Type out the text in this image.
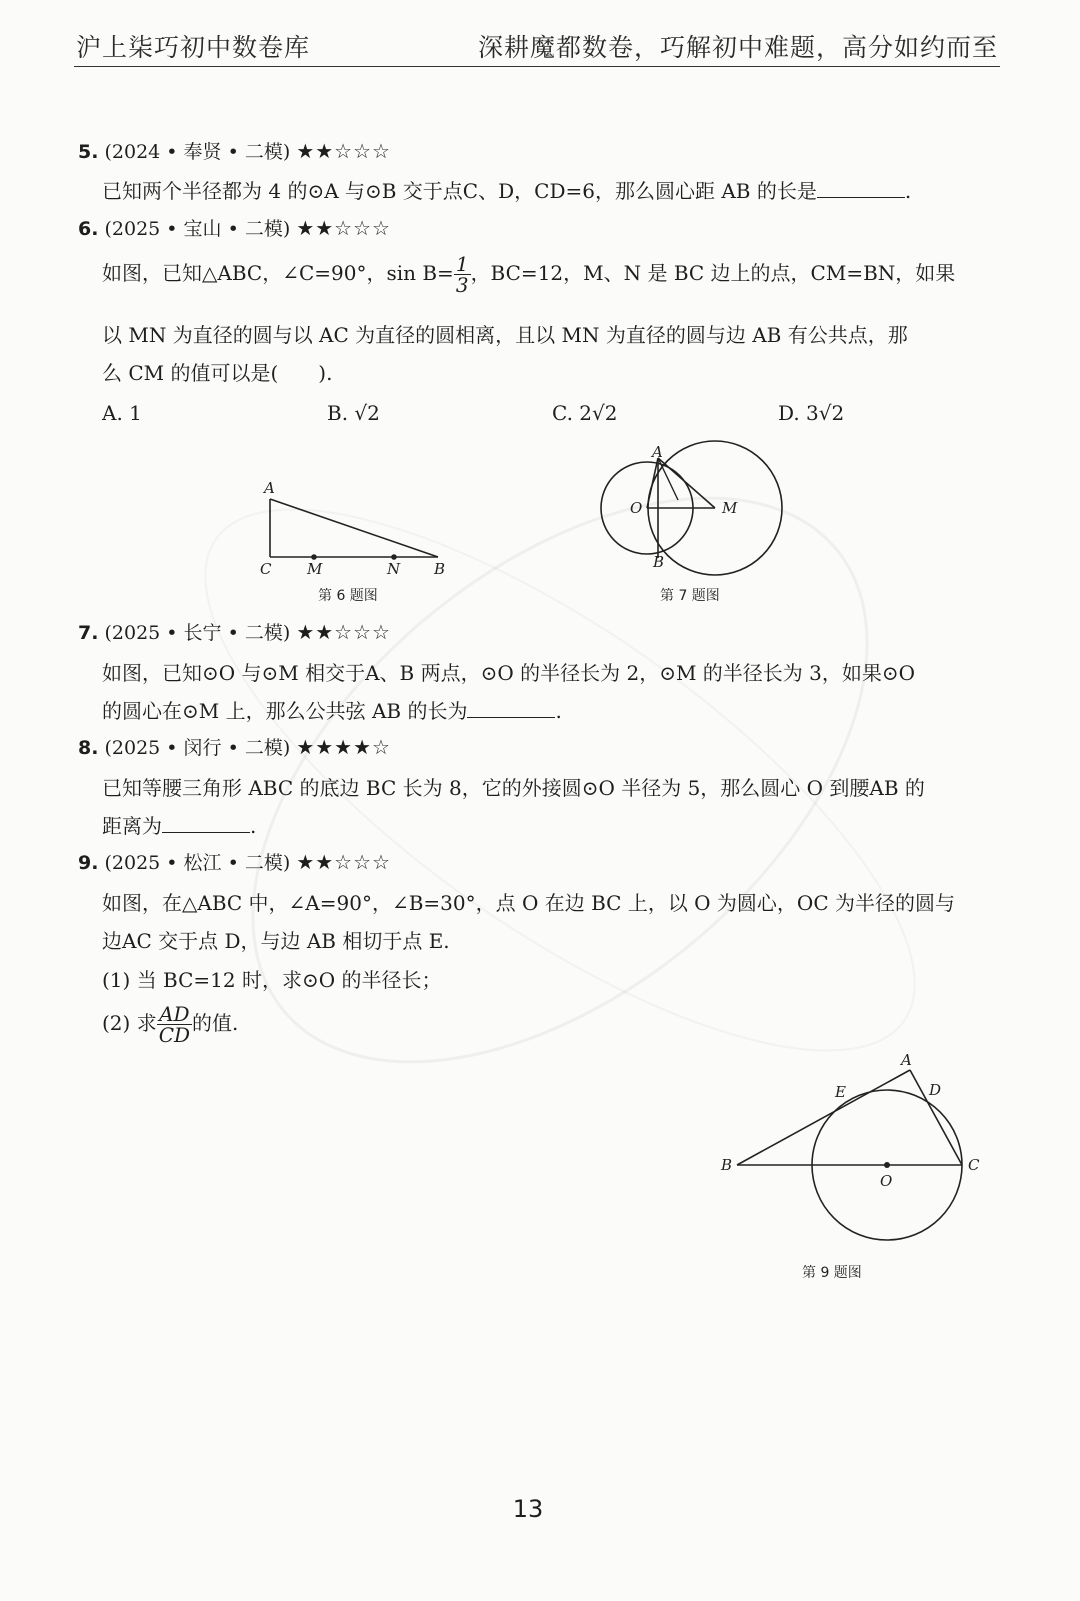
沪上柒巧初中数卷库	深耕魔都数卷，巧解初中难题，高分如约而至
5. (2024 • 奉贤 • 二模) ★★☆☆☆
已知两个半径都为 4 的⊙A 与⊙B 交于点C、D，CD=6，那么圆心距 AB 的长是	.
6. (2025 • 宝山 • 二模) ★★☆☆☆
如图，已知△ABC，∠C=90°，$\sin B= \frac{1}{3}$ ，BC=12，M、N 是 BC 边上的点，CM=BN，如果
以 MN 为直径的圆与以 AC 为直径的圆相离，且以 MN 为直径的圆与边 AB 有公共点，那
么 CM 的值可以是(　　).
A. 1	B. √2	C. 2√2	D. 3√2
A
C M	N B
第 6 题图
A
O	M
B
第 7 题图
7. (2025 • 长宁 • 二模) ★★☆☆☆
如图，已知⊙O 与⊙M 相交于A、B 两点，⊙O 的半径长为 2，⊙M 的半径长为 3，如果⊙O
的圆心在⊙M 上，那么公共弦 AB 的长为	.
8. (2025 • 闵行 • 二模) ★★★★☆
已知等腰三角形 ABC 的底边 BC 长为 8，它的外接圆⊙O 半径为 5，那么圆心 O 到腰AB 的
距离为	.
9. (2025 • 松江 • 二模) ★★☆☆☆
如图，在△ABC 中，∠A=90°，∠B=30°，点 O 在边 BC 上，以 O 为圆心，OC 为半径的圆与
边AC 交于点 D，与边 AB 相切于点 E.
(1) 当 BC=12 时，求⊙O 的半径长；
(2) 求 $\frac{AD}{CD}$ 的值.
A
E	D
B
O
C
第 9 题图
13
